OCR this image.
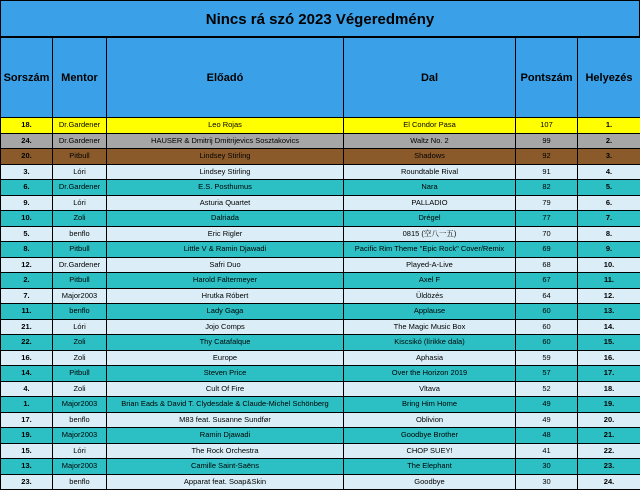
Nincs rá szó 2023 Végeredmény
Sorszám	Mentor	Előadó	Dal	Pontszám	Helyezés
18.	Dr.Gardener	Leo Rojas	El Condor Pasa	107	1.
24.	Dr.Gardener	HAUSER & Dmitrij Dmitrijevics Sosztakovics	Waltz No. 2	99	2.
20.	Pitbull	Lindsey Stirling	Shadows	92	3.
3.	Lóri	Lindsey Stirling	Roundtable Rival	91	4.
6.	Dr.Gardener	E.S. Posthumus	Nara	82	5.
9.	Lóri	Asturia Quartet	PALLADIO	79	6.
10.	Zoli	Dalriada	Drégel	77	7.
5.	benflo	Eric Rigler	0815 (空八一五)	70	8.
8.	Pitbull	Little V & Ramin Djawadi	Pacific Rim Theme "Epic Rock" Cover/Remix	69	9.
12.	Dr.Gardener	Safri Duo	Played-A-Live	68	10.
2.	Pitbull	Harold Faltermeyer	Axel F	67	11.
7.	Major2003	Hrutka Róbert	Üldözés	64	12.
11.	benflo	Lady Gaga	Applause	60	13.
21.	Lóri	Jojo Comps	The Magic Music Box	60	14.
22.	Zoli	Thy Catafalque	Kiscsikó (lírikke dala)	60	15.
16.	Zoli	Europe	Aphasia	59	16.
14.	Pitbull	Steven Price	Over the Horizon 2019	57	17.
4.	Zoli	Cult Of Fire	Vltava	52	18.
1.	Major2003	Brian Eads & David T. Clydesdale & Claude-Michel Schönberg	Bring Him Home	49	19.
17.	benflo	M83 feat. Susanne Sundfør	Oblivion	49	20.
19.	Major2003	Ramin Djawadi	Goodbye Brother	48	21.
15.	Lóri	The Rock Orchestra	CHOP SUEY!	41	22.
13.	Major2003	Camille Saint-Saëns	The Elephant	30	23.
23.	benflo	Apparat feat. Soap&Skin	Goodbye	30	24.
